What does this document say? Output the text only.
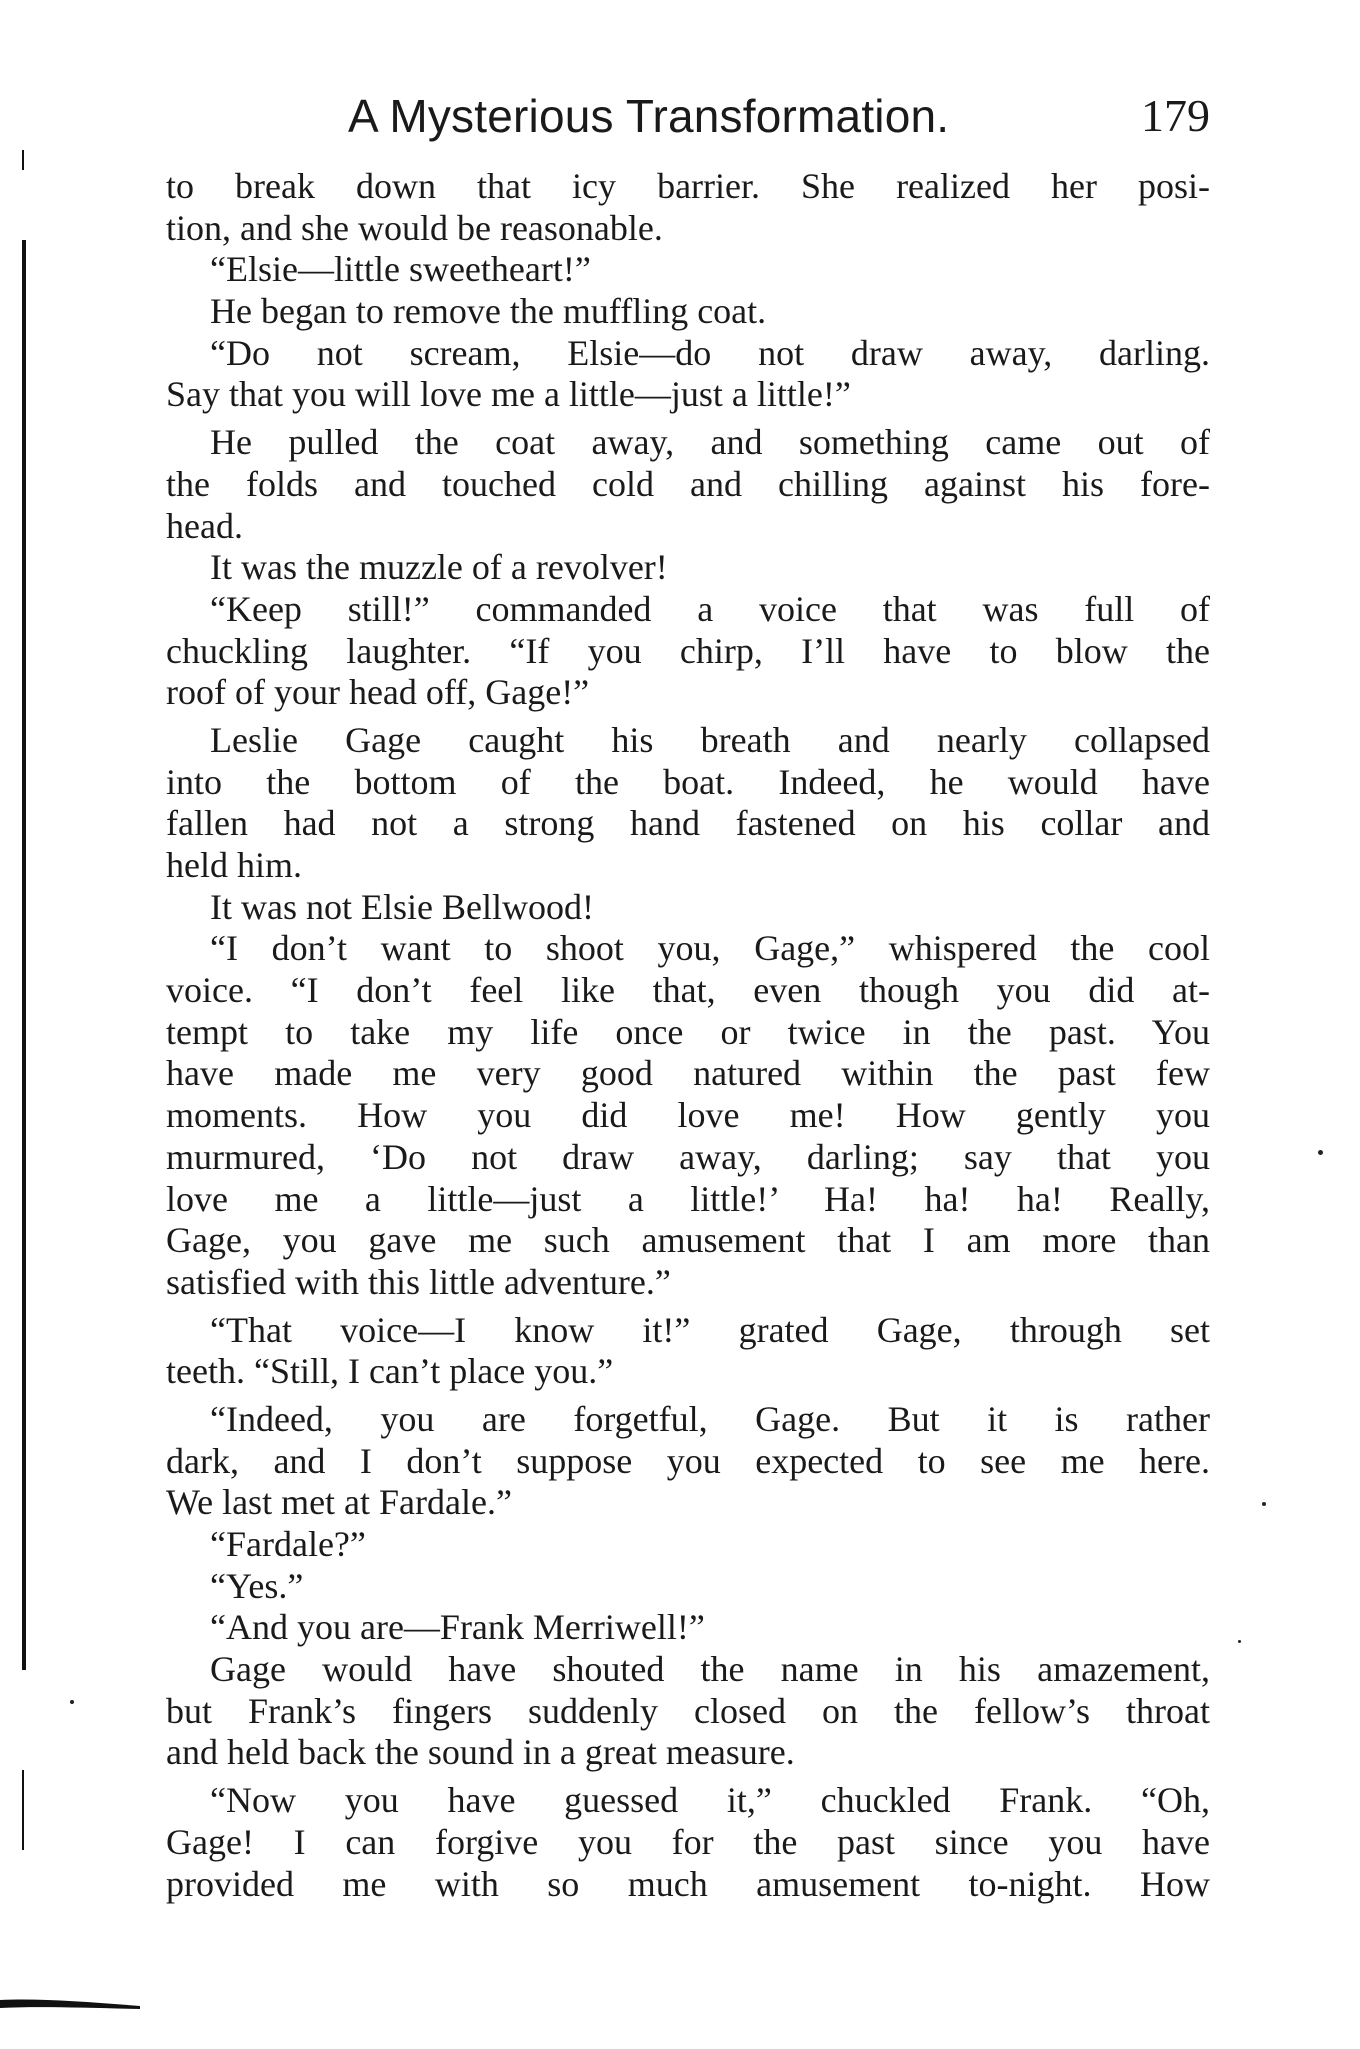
A Mysterious Transformation.	179
to break down that icy barrier. She realized her posi-
tion, and she would be reasonable.
“Elsie—little sweetheart!”
He began to remove the muffling coat.
“Do not scream, Elsie—do not draw away, darling.
Say that you will love me a little—just a little!”
He pulled the coat away, and something came out of
the folds and touched cold and chilling against his fore-
head.
It was the muzzle of a revolver!
“Keep still!” commanded a voice that was full of
chuckling laughter. “If you chirp, I’ll have to blow the
roof of your head off, Gage!”
Leslie Gage caught his breath and nearly collapsed
into the bottom of the boat. Indeed, he would have
fallen had not a strong hand fastened on his collar and
held him.
It was not Elsie Bellwood!
“I don’t want to shoot you, Gage,” whispered the cool
voice. “I don’t feel like that, even though you did at-
tempt to take my life once or twice in the past. You
have made me very good natured within the past few
moments. How you did love me! How gently you
murmured, ‘Do not draw away, darling; say that you
love me a little—just a little!’ Ha! ha! ha! Really,
Gage, you gave me such amusement that I am more than
satisfied with this little adventure.”
“That voice—I know it!” grated Gage, through set
teeth. “Still, I can’t place you.”
“Indeed, you are forgetful, Gage. But it is rather
dark, and I don’t suppose you expected to see me here.
We last met at Fardale.”
“Fardale?”
“Yes.”
“And you are—Frank Merriwell!”
Gage would have shouted the name in his amazement,
but Frank’s fingers suddenly closed on the fellow’s throat
and held back the sound in a great measure.
“Now you have guessed it,” chuckled Frank. “Oh,
Gage! I can forgive you for the past since you have
provided me with so much amusement to-night. How
